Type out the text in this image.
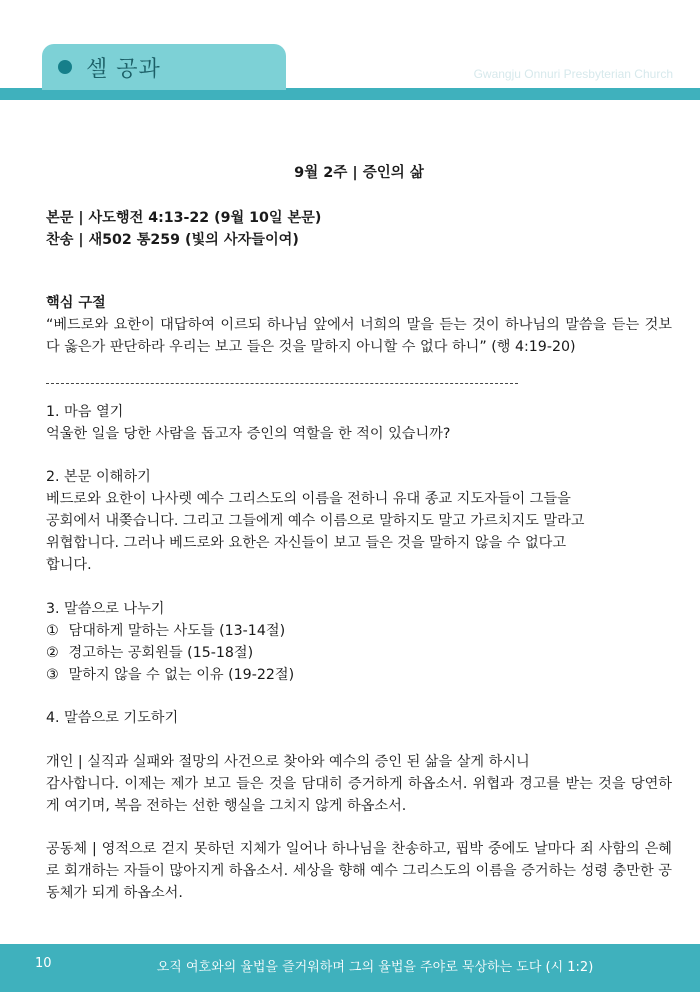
셀 공과	Gwangju Onnuri Presbyterian Church

9월 2주 | 증인의 삶

본문 | 사도행전 4:13-22 (9월 10일 본문)

찬송 | 새502 통259 (빛의 사자들이여)

핵심 구절

“베드로와 요한이 대답하여 이르되 하나님 앞에서 너희의 말을 듣는 것이 하나님의 말씀을 듣는 것보다 옳은가 판단하라 우리는 보고 들은 것을 말하지 아니할 수 없다 하니” (행 4:19-20)

1. 마음 열기

억울한 일을 당한 사람을 돕고자 증인의 역할을 한 적이 있습니까?

2. 본문 이해하기

베드로와 요한이 나사렛 예수 그리스도의 이름을 전하니 유대 종교 지도자들이 그들을

공회에서 내쫒습니다. 그리고 그들에게 예수 이름으로 말하지도 말고 가르치지도 말라고

위협합니다. 그러나 베드로와 요한은 자신들이 보고 들은 것을 말하지 않을 수 없다고

합니다.

3. 말씀으로 나누기

① 담대하게 말하는 사도들 (13-14절)

② 경고하는 공회원들 (15-18절)

③ 말하지 않을 수 없는 이유 (19-22절)

4. 말씀으로 기도하기

개인 | 실직과 실패와 절망의 사건으로 찾아와 예수의 증인 된 삶을 살게 하시니

감사합니다. 이제는 제가 보고 들은 것을 담대히 증거하게 하옵소서. 위협과 경고를 받는 것을 당연하게 여기며, 복음 전하는 선한 행실을 그치지 않게 하옵소서.

공동체 | 영적으로 걷지 못하던 지체가 일어나 하나님을 찬송하고, 핍박 중에도 날마다 죄 사함의 은혜로 회개하는 자들이 많아지게 하옵소서. 세상을 향해 예수 그리스도의 이름을 증거하는 성령 충만한 공동체가 되게 하옵소서.

10	오직 여호와의 율법을 즐거워하며 그의 율법을 주야로 묵상하는 도다 (시 1:2)
